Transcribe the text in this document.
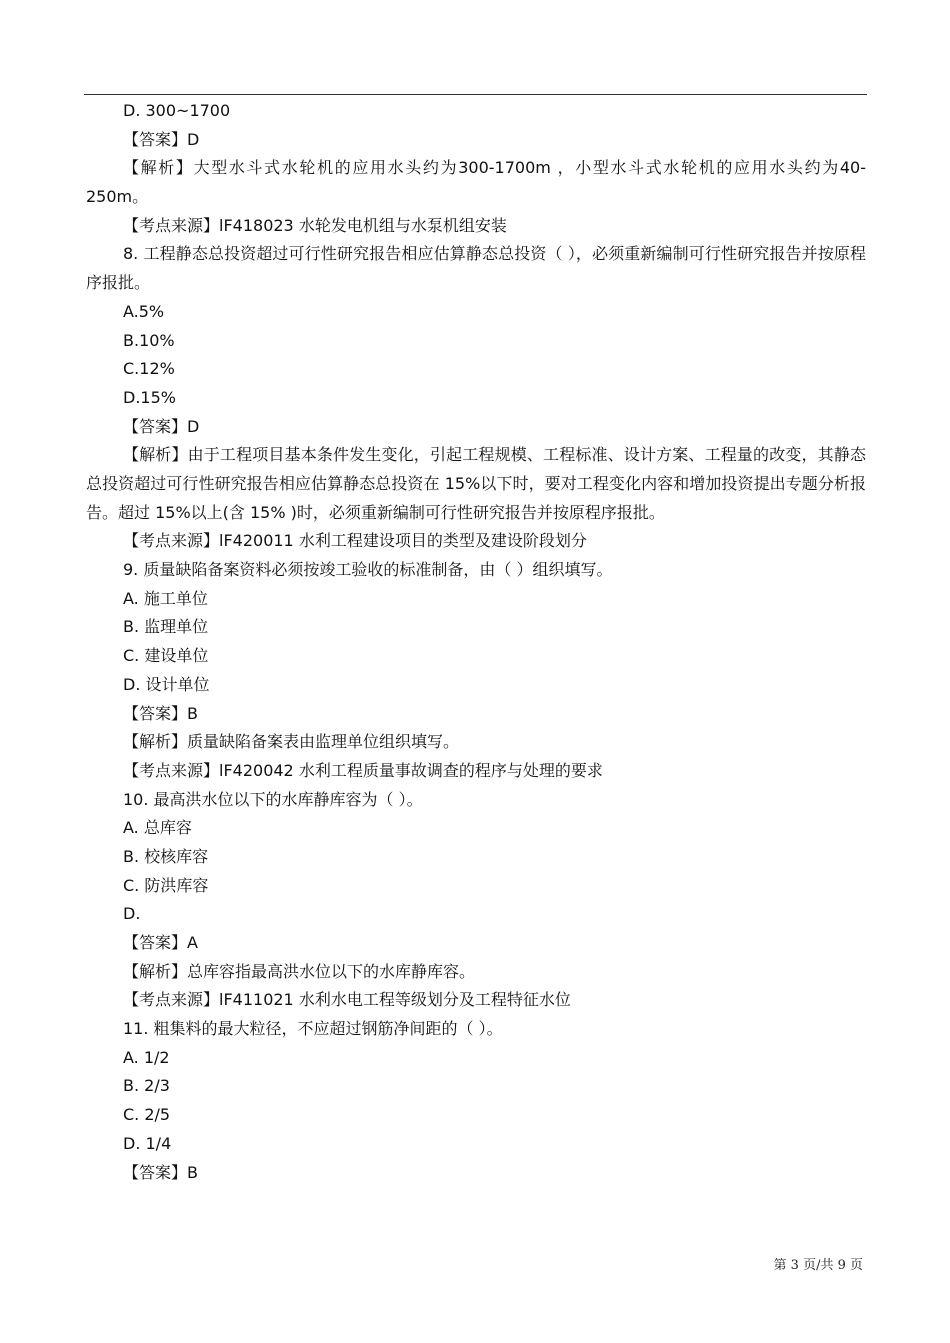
D. 300~1700
【答案】D
【解析】大型水斗式水轮机的应用水头约为300-1700m ，小型水斗式水轮机的应用水头约为40-250m。
【考点来源】lF418023 水轮发电机组与水泵机组安装
8. 工程静态总投资超过可行性研究报告相应估算静态总投资（ ），必须重新编制可行性研究报告并按原程序报批。
A.5%
B.10%
C.12%
D.15%
【答案】D
【解析】由于工程项目基本条件发生变化，引起工程规模、工程标准、设计方案、工程量的改变，其静态总投资超过可行性研究报告相应估算静态总投资在 15%以下时，要对工程变化内容和增加投资提出专题分析报告。超过 15%以上(含 15% )时，必须重新编制可行性研究报告并按原程序报批。
【考点来源】lF420011 水利工程建设项目的类型及建设阶段划分
9. 质量缺陷备案资料必须按竣工验收的标准制备，由（ ）组织填写。
A. 施工单位
B. 监理单位
C. 建设单位
D. 设计单位
【答案】B
【解析】质量缺陷备案表由监理单位组织填写。
【考点来源】lF420042 水利工程质量事故调查的程序与处理的要求
10. 最高洪水位以下的水库静库容为（ ）。
A. 总库容
B. 校核库容
C. 防洪库容
D.
【答案】A
【解析】总库容指最高洪水位以下的水库静库容。
【考点来源】lF411021 水利水电工程等级划分及工程特征水位
11. 粗集料的最大粒径，不应超过钢筋净间距的（ ）。
A. 1/2
B. 2/3
C. 2/5
D. 1/4
【答案】B
第 3 页/共 9 页
